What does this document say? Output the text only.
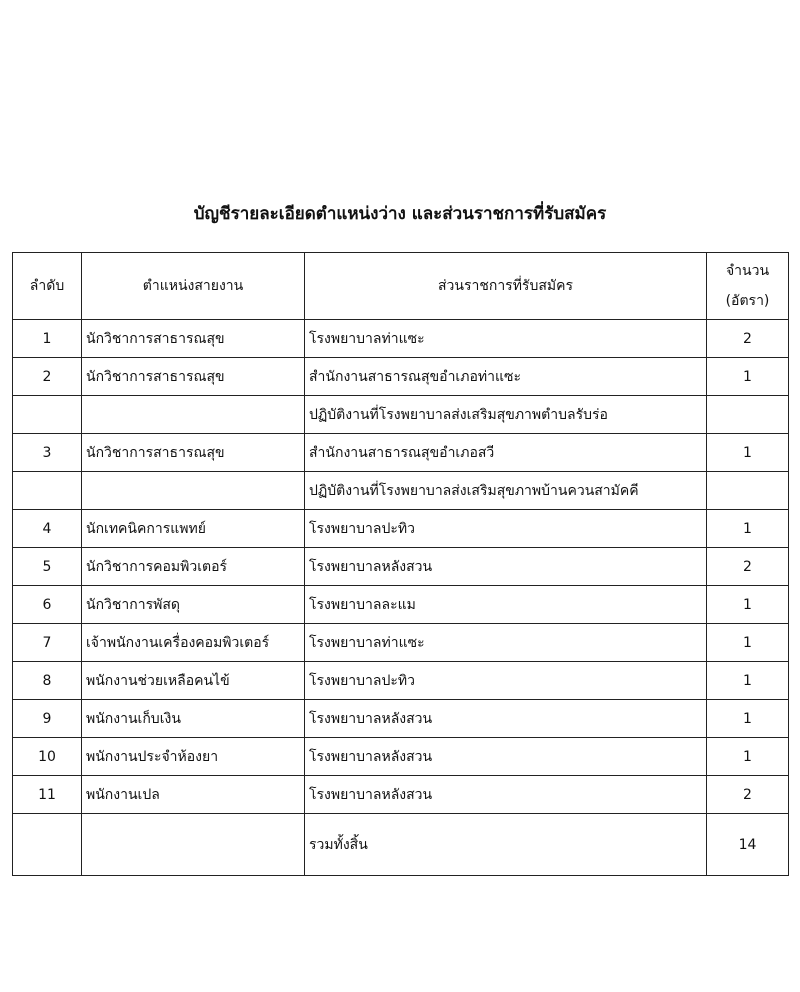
บัญชีรายละเอียดตำแหน่งว่าง และส่วนราชการที่รับสมัคร
ลำดับ	ตำแหน่งสายงาน	ส่วนราชการที่รับสมัคร	จำนวน
(อัตรา)

1	นักวิชาการสาธารณสุข	โรงพยาบาลท่าแซะ	2
2	นักวิชาการสาธารณสุข	สำนักงานสาธารณสุขอำเภอท่าแซะ	1
		ปฏิบัติงานที่โรงพยาบาลส่งเสริมสุขภาพตำบลรับร่อ	
3	นักวิชาการสาธารณสุข	สำนักงานสาธารณสุขอำเภอสวี	1
		ปฏิบัติงานที่โรงพยาบาลส่งเสริมสุขภาพบ้านควนสามัคคี	
4	นักเทคนิคการแพทย์	โรงพยาบาลปะทิว	1
5	นักวิชาการคอมพิวเตอร์	โรงพยาบาลหลังสวน	2
6	นักวิชาการพัสดุ	โรงพยาบาลละแม	1
7	เจ้าพนักงานเครื่องคอมพิวเตอร์	โรงพยาบาลท่าแซะ	1
8	พนักงานช่วยเหลือคนไข้	โรงพยาบาลปะทิว	1
9	พนักงานเก็บเงิน	โรงพยาบาลหลังสวน	1
10	พนักงานประจำห้องยา	โรงพยาบาลหลังสวน	1
11	พนักงานเปล	โรงพยาบาลหลังสวน	2
		รวมทั้งสิ้น	14
